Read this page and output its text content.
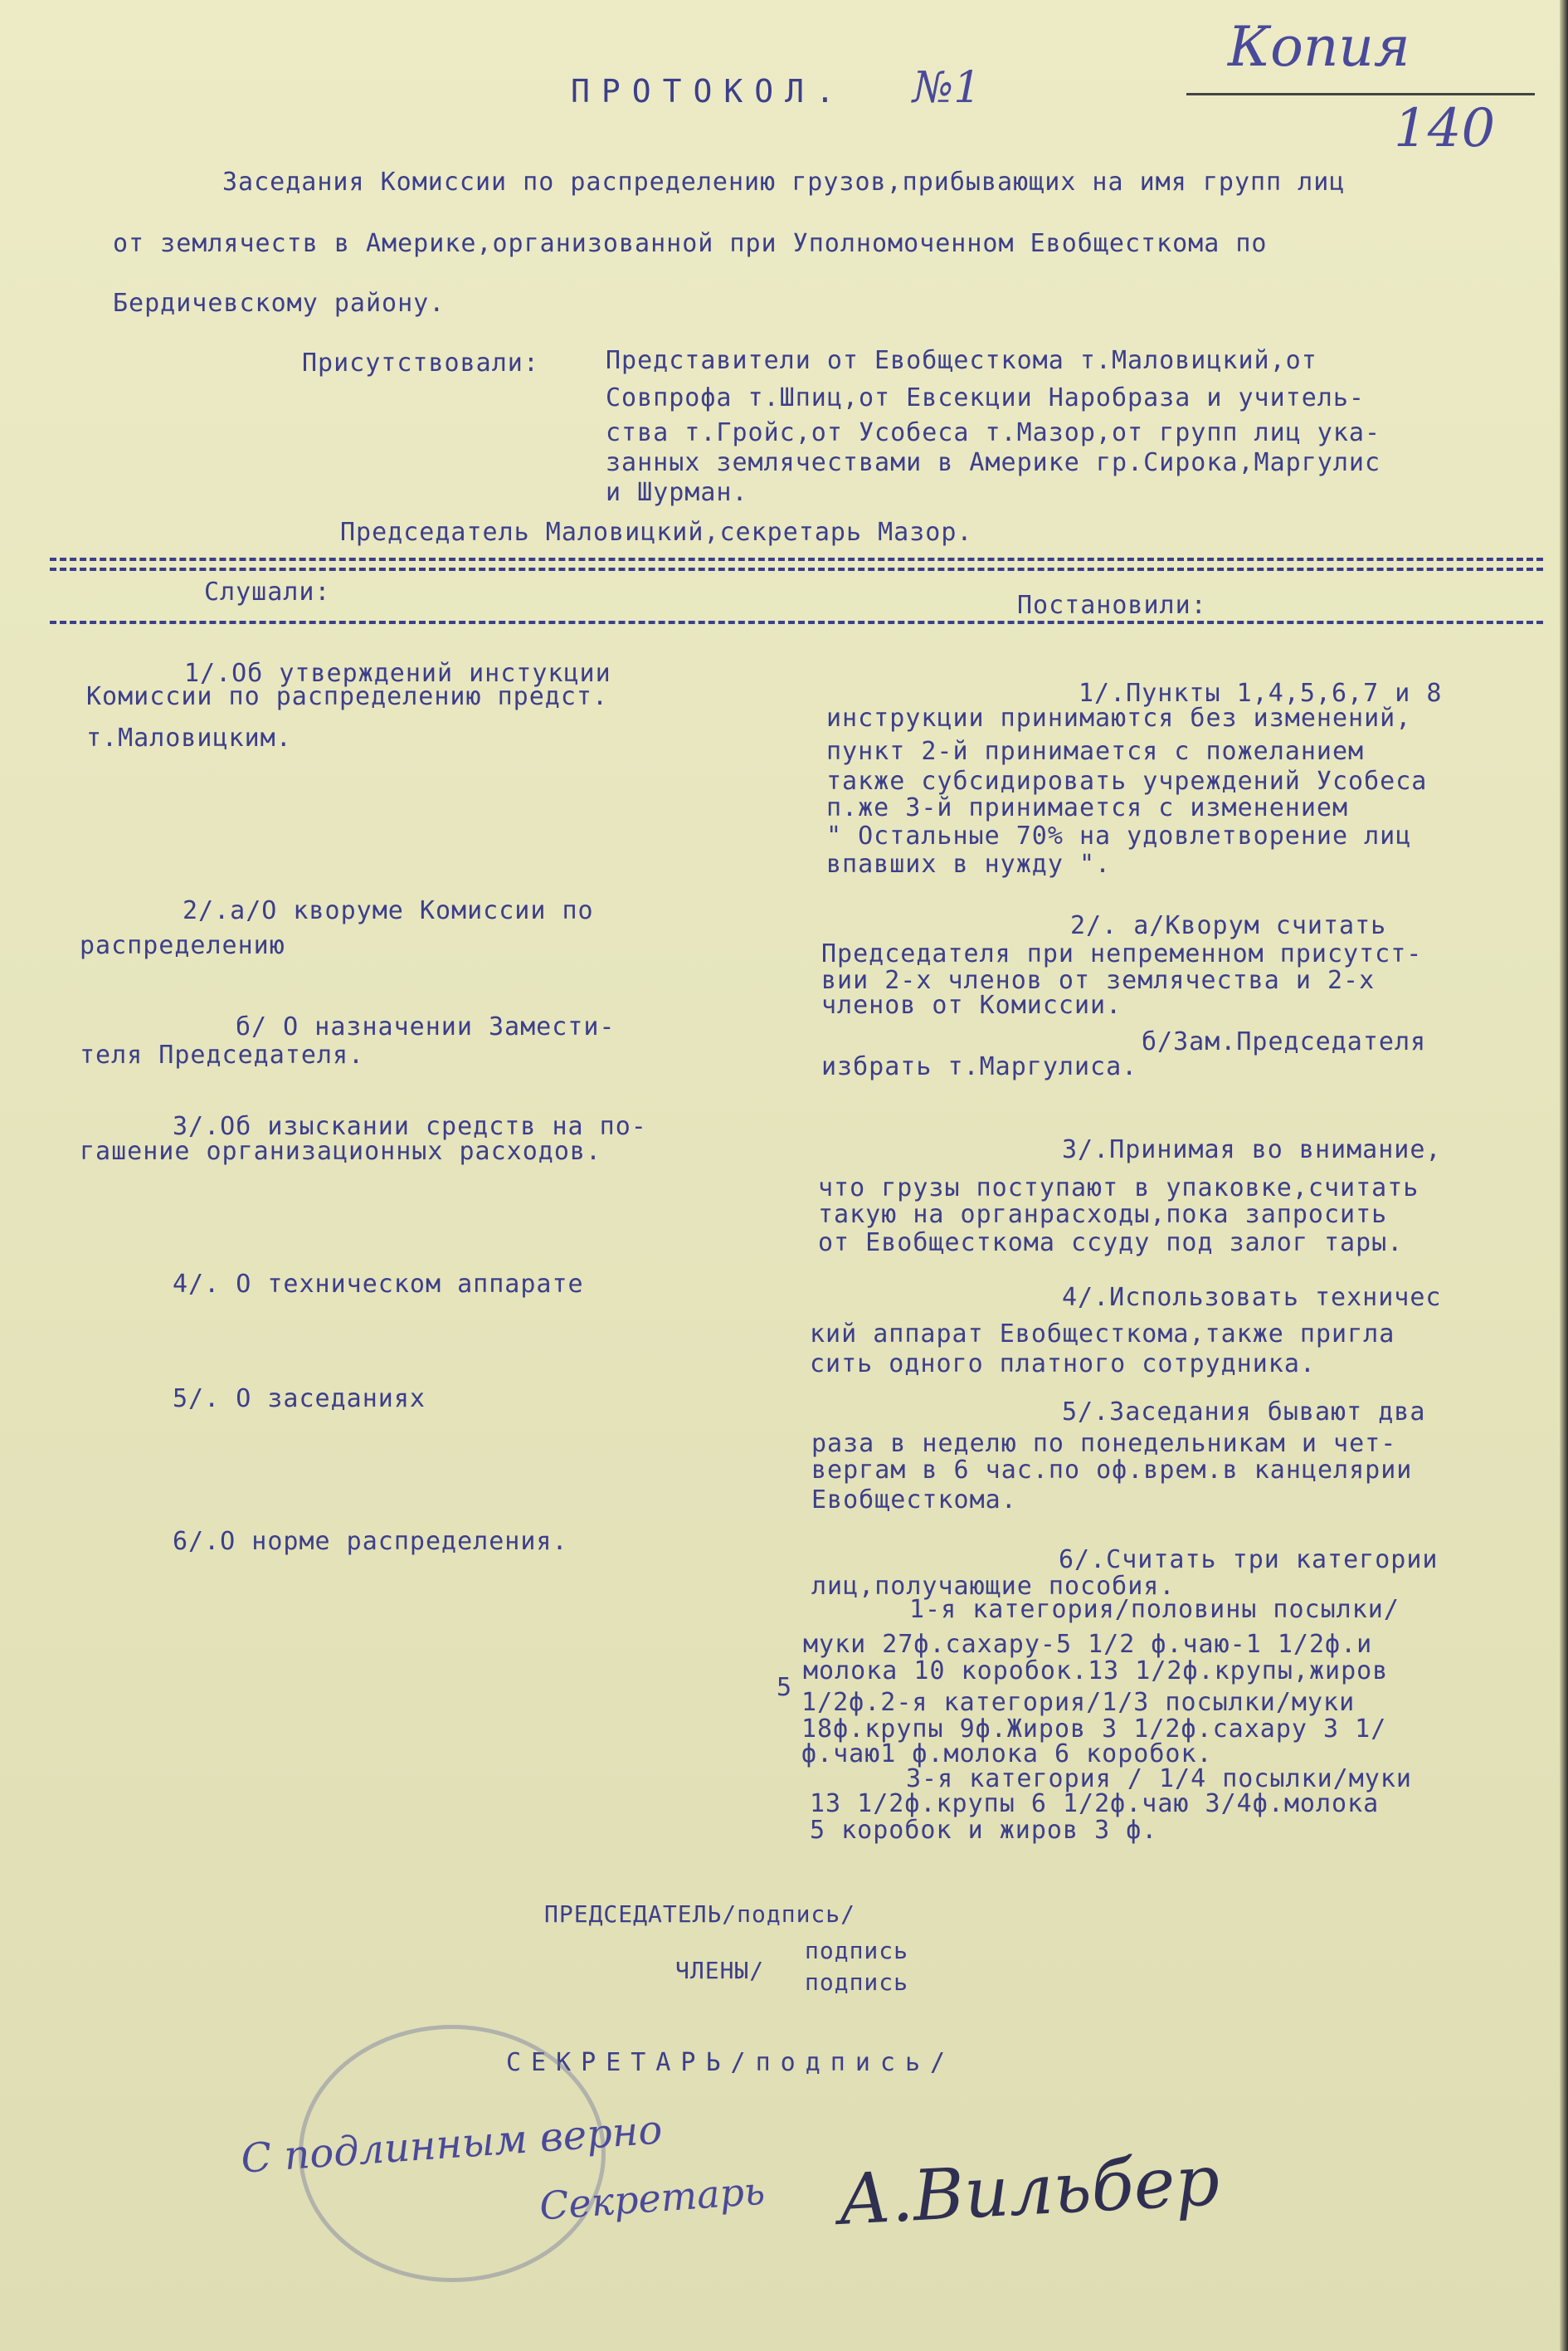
Копия
140
ПРОТОКОЛ. №1
Заседания Комиссии по распределению грузов,прибывающих на имя групп лиц
от землячеств в Америке,организованной при Уполномоченном Евобщесткома по
Бердичевскому району.
Присутствовали:	Представители от Евобщесткома т.Маловицкий,от
Совпрофа т.Шпиц,от Евсекции Наробраза и учитель-
ства т.Гройс,от Усобеса т.Мазор,от групп лиц ука-
занных землячествами в Америке гр.Сирока,Маргулис
и Шурман.
Председатель Маловицкий,секретарь Мазор.
Слушали:	Постановили:
1/.Об утверждений инстукции
Комиссии по распределению предст.
т.Маловицким.
2/.а/О кворуме Комиссии по
распределению
б/ О назначении Замести-
теля Председателя.
3/.Об изыскании средств на по-
гашение организационных расходов.
4/. О техническом аппарате
5/. О заседаниях
6/.О норме распределения.
1/.Пункты 1,4,5,6,7 и 8
инструкции принимаются без изменений,
пункт 2-й принимается с пожеланием
также субсидировать учреждений Усобеса
п.же 3-й принимается с изменением
" Остальные 70% на удовлетворение лиц
впавших в нужду ".
2/. а/Кворум считать
Председателя при непременном присутст-
вии 2-х членов от землячества и 2-х
членов от Комиссии.
б/Зам.Председателя
избрать т.Маргулиса.
3/.Принимая во внимание,
что грузы поступают в упаковке,считать
такую на органрасходы,пока запросить
от Евобщесткома ссуду под залог тары.
4/.Использовать техничес
кий аппарат Евобщесткома,также пригла
сить одного платного сотрудника.
5/.Заседания бывают два
раза в неделю по понедельникам и чет-
вергам в 6 час.по оф.врем.в канцелярии
Евобщесткома.
6/.Считать три категории
лиц,получающие пособия.
1-я категория/половины посылки/
муки 27ф.сахару-5 1/2 ф.чаю-1 1/2ф.и
молока 10 коробок.13 1/2ф.крупы,жиров
5
1/2ф.2-я категория/1/3 посылки/муки
18ф.крупы 9ф.Жиров 3 1/2ф.сахару 3 1/
ф.чаю1 ф.молока 6 коробок.
3-я категория / 1/4 посылки/муки
13 1/2ф.крупы 6 1/2ф.чаю 3/4ф.молока
5 коробок и жиров 3 ф.
ПРЕДСЕДАТЕЛЬ/подпись/
ЧЛЕНЫ/
подпись
подпись
СЕКРЕТАРЬ/подпись/
С подлинным верно
Секретарь А.Вильбер
